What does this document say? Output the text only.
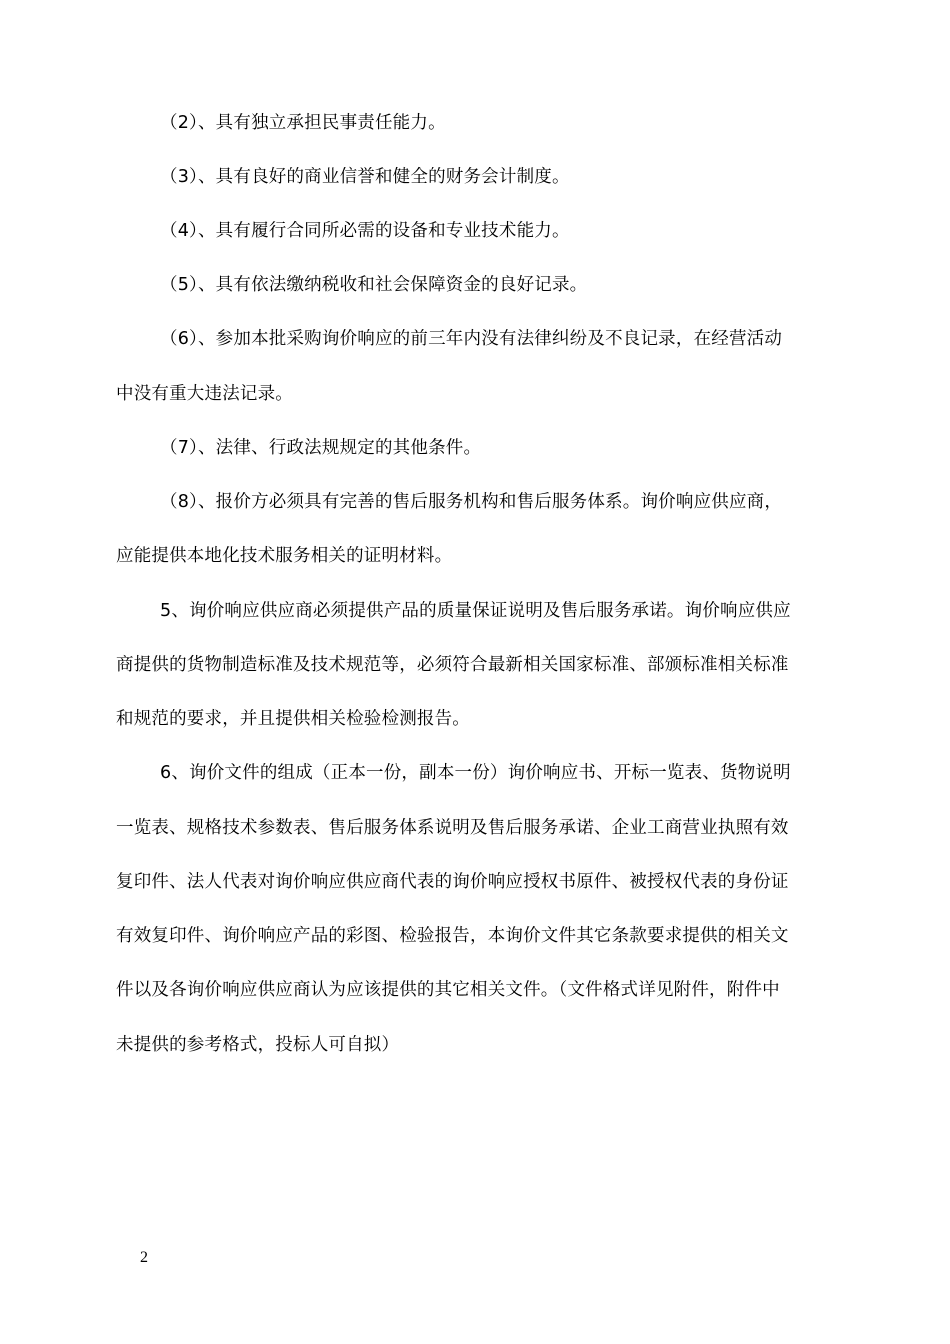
（2）、具有独立承担民事责任能力。
（3）、具有良好的商业信誉和健全的财务会计制度。
（4）、具有履行合同所必需的设备和专业技术能力。
（5）、具有依法缴纳税收和社会保障资金的良好记录。
（6）、参加本批采购询价响应的前三年内没有法律纠纷及不良记录，在经营活动
中没有重大违法记录。
（7）、法律、行政法规规定的其他条件。
（8）、报价方必须具有完善的售后服务机构和售后服务体系。询价响应供应商，
应能提供本地化技术服务相关的证明材料。
5、询价响应供应商必须提供产品的质量保证说明及售后服务承诺。询价响应供应
商提供的货物制造标准及技术规范等，必须符合最新相关国家标准、部颁标准相关标准
和规范的要求，并且提供相关检验检测报告。
6、询价文件的组成（正本一份，副本一份）询价响应书、开标一览表、货物说明
一览表、规格技术参数表、售后服务体系说明及售后服务承诺、企业工商营业执照有效
复印件、法人代表对询价响应供应商代表的询价响应授权书原件、被授权代表的身份证
有效复印件、询价响应产品的彩图、检验报告，本询价文件其它条款要求提供的相关文
件以及各询价响应供应商认为应该提供的其它相关文件。（文件格式详见附件，附件中
未提供的参考格式，投标人可自拟）
2
